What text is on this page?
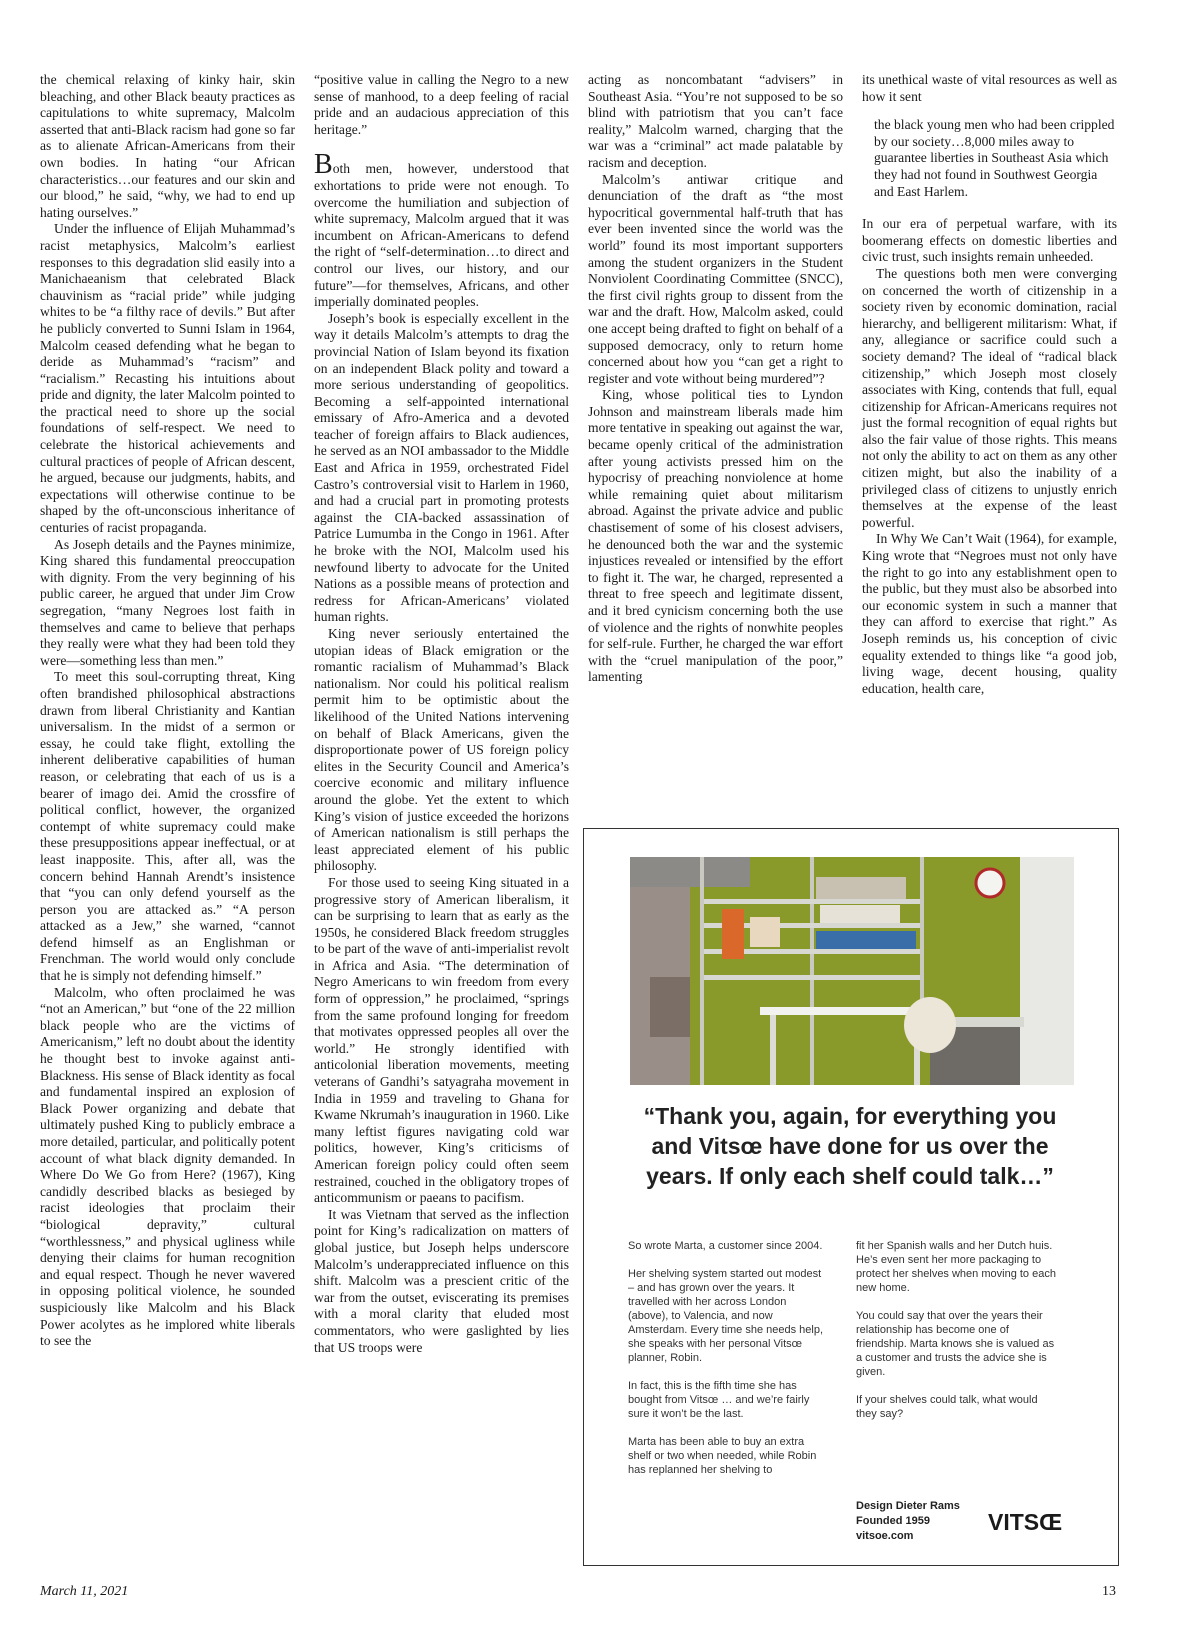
the chemical relaxing of kinky hair, skin bleaching, and other Black beauty practices as capitulations to white supremacy, Malcolm asserted that anti-Black racism had gone so far as to alienate African-Americans from their own bodies. In hating “our African characteristics…our features and our skin and our blood,” he said, “why, we had to end up hating ourselves.”

Under the influence of Elijah Muhammad’s racist metaphysics, Malcolm’s earliest responses to this degradation slid easily into a Manichaeanism that celebrated Black chauvinism as “racial pride” while judging whites to be “a filthy race of devils.” But after he publicly converted to Sunni Islam in 1964, Malcolm ceased defending what he began to deride as Muhammad’s “racism” and “racialism.” Recasting his intuitions about pride and dignity, the later Malcolm pointed to the practical need to shore up the social foundations of self-respect. We need to celebrate the historical achievements and cultural practices of people of African descent, he argued, because our judgments, habits, and expectations will otherwise continue to be shaped by the oft-unconscious inheritance of centuries of racist propaganda.

As Joseph details and the Paynes minimize, King shared this fundamental preoccupation with dignity. From the very beginning of his public career, he argued that under Jim Crow segregation, “many Negroes lost faith in themselves and came to believe that perhaps they really were what they had been told they were—something less than men.”

To meet this soul-corrupting threat, King often brandished philosophical abstractions drawn from liberal Christianity and Kantian universalism. In the midst of a sermon or essay, he could take flight, extolling the inherent deliberative capabilities of human reason, or celebrating that each of us is a bearer of imago dei. Amid the crossfire of political conflict, however, the organized contempt of white supremacy could make these presuppositions appear ineffectual, or at least inapposite. This, after all, was the concern behind Hannah Arendt’s insistence that “you can only defend yourself as the person you are attacked as.” “A person attacked as a Jew,” she warned, “cannot defend himself as an Englishman or Frenchman. The world would only conclude that he is simply not defending himself.”

Malcolm, who often proclaimed he was “not an American,” but “one of the 22 million black people who are the victims of Americanism,” left no doubt about the identity he thought best to invoke against anti-Blackness. His sense of Black identity as focal and fundamental inspired an explosion of Black Power organizing and debate that ultimately pushed King to publicly embrace a more detailed, particular, and politically potent account of what black dignity demanded. In Where Do We Go from Here? (1967), King candidly described blacks as besieged by racist ideologies that proclaim their “biological depravity,” cultural “worthlessness,” and physical ugliness while denying their claims for human recognition and equal respect. Though he never wavered in opposing political violence, he sounded suspiciously like Malcolm and his Black Power acolytes as he implored white liberals to see the

“positive value in calling the Negro to a new sense of manhood, to a deep feeling of racial pride and an audacious appreciation of this heritage.”

Both men, however, understood that exhortations to pride were not enough. To overcome the humiliation and subjection of white supremacy, Malcolm argued that it was incumbent on African-Americans to defend the right of “self-determination…to direct and control our lives, our history, and our future”—for themselves, Africans, and other imperially dominated peoples.

Joseph’s book is especially excellent in the way it details Malcolm’s attempts to drag the provincial Nation of Islam beyond its fixation on an independent Black polity and toward a more serious understanding of geopolitics. Becoming a self-appointed international emissary of Afro-America and a devoted teacher of foreign affairs to Black audiences, he served as an NOI ambassador to the Middle East and Africa in 1959, orchestrated Fidel Castro’s controversial visit to Harlem in 1960, and had a crucial part in promoting protests against the CIA-backed assassination of Patrice Lumumba in the Congo in 1961. After he broke with the NOI, Malcolm used his newfound liberty to advocate for the United Nations as a possible means of protection and redress for African-Americans’ violated human rights.

King never seriously entertained the utopian ideas of Black emigration or the romantic racialism of Muhammad’s Black nationalism. Nor could his political realism permit him to be optimistic about the likelihood of the United Nations intervening on behalf of Black Americans, given the disproportionate power of US foreign policy elites in the Security Council and America’s coercive economic and military influence around the globe. Yet the extent to which King’s vision of justice exceeded the horizons of American nationalism is still perhaps the least appreciated element of his public philosophy.

For those used to seeing King situated in a progressive story of American liberalism, it can be surprising to learn that as early as the 1950s, he considered Black freedom struggles to be part of the wave of anti-imperialist revolt in Africa and Asia. “The determination of Negro Americans to win freedom from every form of oppression,” he proclaimed, “springs from the same profound longing for freedom that motivates oppressed peoples all over the world.” He strongly identified with anticolonial liberation movements, meeting veterans of Gandhi’s satyagraha movement in India in 1959 and traveling to Ghana for Kwame Nkrumah’s inauguration in 1960. Like many leftist figures navigating cold war politics, however, King’s criticisms of American foreign policy could often seem restrained, couched in the obligatory tropes of anticommunism or paeans to pacifism.

It was Vietnam that served as the inflection point for King’s radicalization on matters of global justice, but Joseph helps underscore Malcolm’s underappreciated influence on this shift. Malcolm was a prescient critic of the war from the outset, eviscerating its premises with a moral clarity that eluded most commentators, who were gaslighted by lies that US troops were

acting as noncombatant “advisers” in Southeast Asia. “You’re not supposed to be so blind with patriotism that you can’t face reality,” Malcolm warned, charging that the war was a “criminal” act made palatable by racism and deception.

Malcolm’s antiwar critique and denunciation of the draft as “the most hypocritical governmental half-truth that has ever been invented since the world was the world” found its most important supporters among the student organizers in the Student Nonviolent Coordinating Committee (SNCC), the first civil rights group to dissent from the war and the draft. How, Malcolm asked, could one accept being drafted to fight on behalf of a supposed democracy, only to return home concerned about how you “can get a right to register and vote without being murdered”?

King, whose political ties to Lyndon Johnson and mainstream liberals made him more tentative in speaking out against the war, became openly critical of the administration after young activists pressed him on the hypocrisy of preaching nonviolence at home while remaining quiet about militarism abroad. Against the private advice and public chastisement of some of his closest advisers, he denounced both the war and the systemic injustices revealed or intensified by the effort to fight it. The war, he charged, represented a threat to free speech and legitimate dissent, and it bred cynicism concerning both the use of violence and the rights of nonwhite peoples for self-rule. Further, he charged the war effort with the “cruel manipulation of the poor,” lamenting

its unethical waste of vital resources as well as how it sent

the black young men who had been crippled by our society…8,000 miles away to guarantee liberties in Southeast Asia which they had not found in Southwest Georgia and East Harlem.

In our era of perpetual warfare, with its boomerang effects on domestic liberties and civic trust, such insights remain unheeded.

The questions both men were converging on concerned the worth of citizenship in a society riven by economic domination, racial hierarchy, and belligerent militarism: What, if any, allegiance or sacrifice could such a society demand? The ideal of “radical black citizenship,” which Joseph most closely associates with King, contends that full, equal citizenship for African-Americans requires not just the formal recognition of equal rights but also the fair value of those rights. This means not only the ability to act on them as any other citizen might, but also the inability of a privileged class of citizens to unjustly enrich themselves at the expense of the least powerful.

In Why We Can’t Wait (1964), for example, King wrote that “Negroes must not only have the right to go into any establishment open to the public, but they must also be absorbed into our economic system in such a manner that they can afford to exercise that right.” As Joseph reminds us, his conception of civic equality extended to things like “a good job, living wage, decent housing, quality education, health care,

“Thank you, again, for everything you and Vitsœ have done for us over the years. If only each shelf could talk…”

So wrote Marta, a customer since 2004.

Her shelving system started out modest – and has grown over the years. It travelled with her across London (above), to Valencia, and now Amsterdam. Every time she needs help, she speaks with her personal Vitsœ planner, Robin.

In fact, this is the fifth time she has bought from Vitsœ … and we’re fairly sure it won’t be the last.

Marta has been able to buy an extra shelf or two when needed, while Robin has replanned her shelving to

fit her Spanish walls and her Dutch huis. He’s even sent her more packaging to protect her shelves when moving to each new home.

You could say that over the years their relationship has become one of friendship. Marta knows she is valued as a customer and trusts the advice she is given.

If your shelves could talk, what would they say?

Design Dieter Rams
Founded 1959
vitsoe.com
VITSŒ
March 11, 2021	13
